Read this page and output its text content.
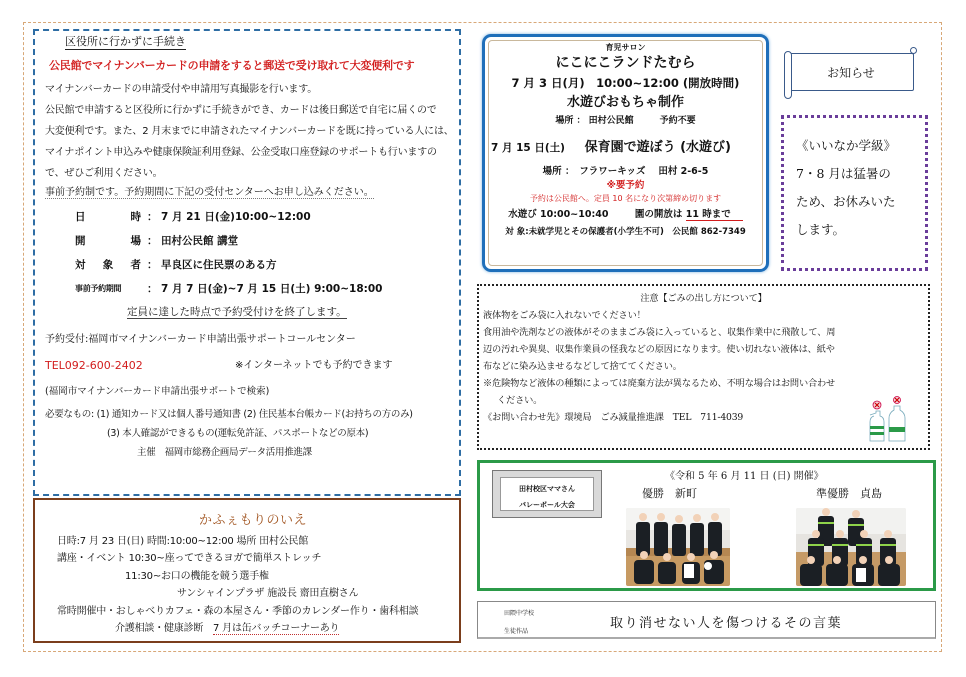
区役所に行かずに手続き
公民館でマイナンバーカードの申請をすると郵送で受け取れて大変便利です

マイナンバーカードの申請受付や申請用写真撮影を行います。

公民館で申請すると区役所に行かずに手続きができ、カードは後日郵送で自宅に届くので

大変便利です。また、2 月末までに申請されたマイナンバーカードを既に持っている人には、

マイナポイント申込みや健康保険証利用登録、公金受取口座登録のサポートも行いますの

で、ぜひご利用ください。

事前予約制です。予約期間に下記の受付センターへお申し込みください。
日	時 ： 7 月 21 日(金)10:00~12:00
開	場 ： 田村公民館 講堂
対 象 者 ： 早良区に住民票のある方
事前予約期間 ： 7 月 7 日(金)~7 月 15 日(土) 9:00~18:00
定員に達した時点で予約受付けを終了します。
予約受付:福岡市マイナンバーカード申請出張サポートコールセンター
TEL092-600-2402	※インターネットでも予約できます
(福岡市マイナンバーカード申請出張サポートで検索)

必要なもの: (1) 通知カード又は個人番号通知書 (2) 住民基本台帳カード(お持ちの方のみ)

(3) 本人確認ができるもの(運転免許証、パスポートなどの原本)

主催　福岡市総務企画局データ活用推進課

かふぇもりのいえ

日時:7 月 23 日(日) 時間:10:00~12:00 場所 田村公民館

講座・イベント 10:30~座ってできるヨガで簡単ストレッチ

11:30~お口の機能を競う選手権

サンシャインプラザ 施設長 齋田直樹さん

常時開催中・おしゃべりカフェ・森の本屋さん・季節のカレンダー作り・歯科相談

介護相談・健康診断　7 月は缶バッチコーナーあり

育児サロン
にこにこランドたむら
7 月 3 日(月)　10:00~12:00 (開放時間)
水遊びおもちゃ制作
場所 ： 田村公民館	予約不要
7 月 15 日(土) 保育園で遊ぼう (水遊び)
場所 ：　フラワーキッズ　 田村 2-6-5
※要予約
予約は公民館へ。定員 10 名になり次第締め切ります
水遊び 10:00~10:40	園の開放は 11 時まで
対 象:未就学児とその保護者(小学生不可)　公民館 862-7349
お知らせ

《いいなか学級》

7・8 月は猛暑の

ため、お休みいた

します。

注意【ごみの出し方について】

液体物をごみ袋に入れないでください！

食用油や洗剤などの液体がそのままごみ袋に入っていると、収集作業中に飛散して、周

辺の汚れや異臭、収集作業員の怪我などの原因になります。使い切れない液体は、紙や

布などに染み込ませるなどして捨ててください。

※危険物など液体の種類によっては廃棄方法が異なるため、不明な場合はお問い合わせ

ください。

《お問い合わせ先》環境局　ごみ減量推進課　TEL　711-4039

田村校区ママさん
バレーボール大会
《令和 5 年 6 月 11 日 (日) 開催》
優勝　新町	準優勝　貞島
田隈中学校
生徒作品
取り消せない人を傷つけるその言葉
